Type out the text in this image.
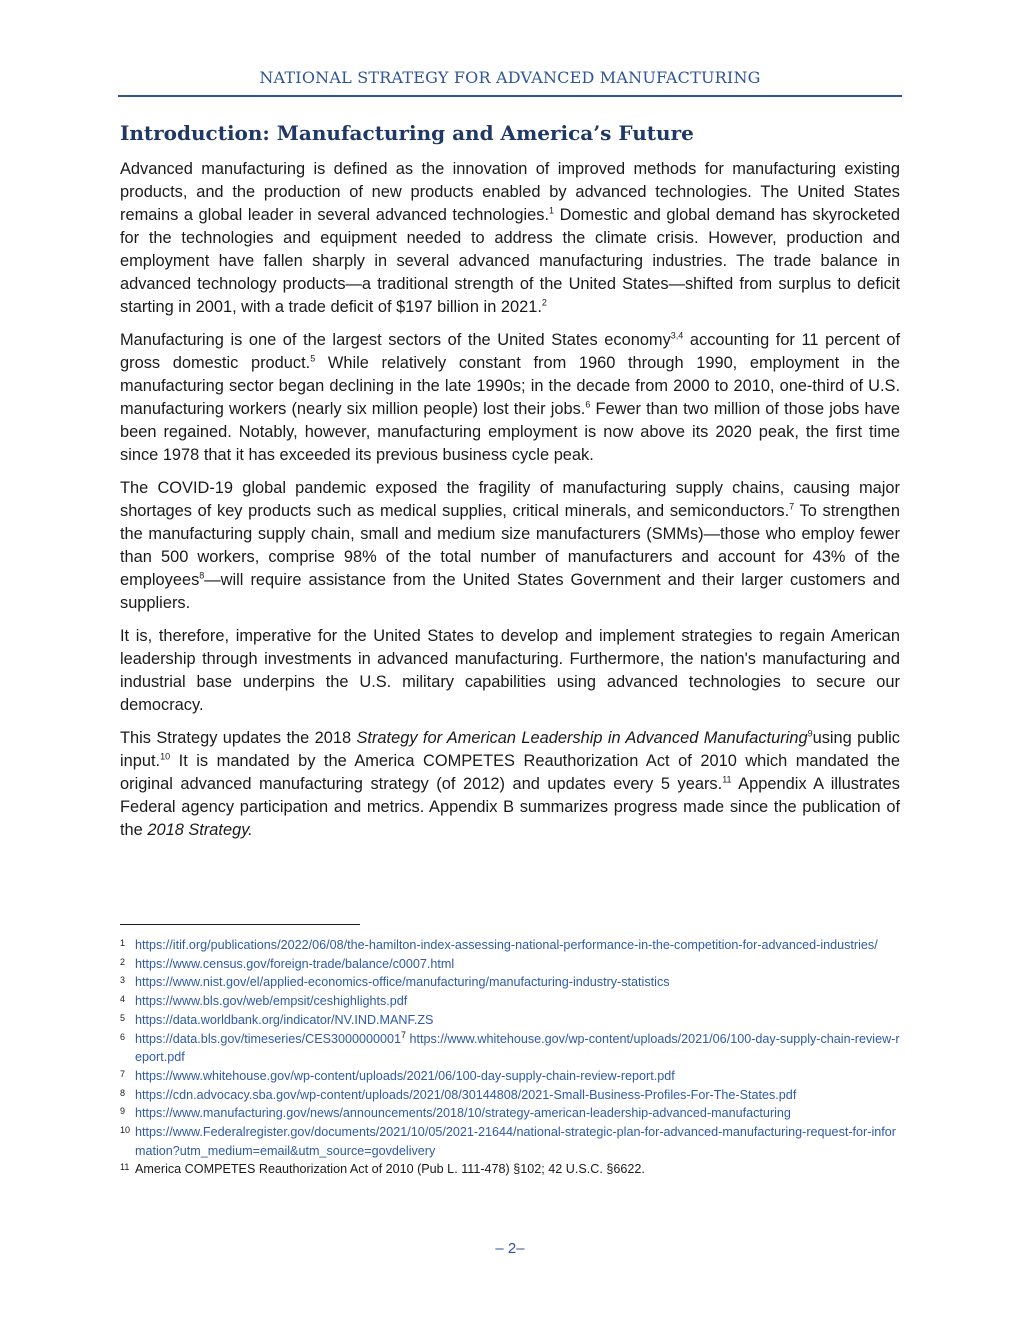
NATIONAL STRATEGY FOR ADVANCED MANUFACTURING
Introduction: Manufacturing and America’s Future

Advanced manufacturing is defined as the innovation of improved methods for manufacturing existing products, and the production of new products enabled by advanced technologies. The United States remains a global leader in several advanced technologies.$^1$ Domestic and global demand has skyrocketed for the technologies and equipment needed to address the climate crisis. However, production and employment have fallen sharply in several advanced manufacturing industries. The trade balance in advanced technology products—a traditional strength of the United States—shifted from surplus to deficit starting in 2001, with a trade deficit of $197 billion in 2021.$^2$

Manufacturing is one of the largest sectors of the United States economy$^{3,4}$ accounting for 11 percent of gross domestic product.$^5$ While relatively constant from 1960 through 1990, employment in the manufacturing sector began declining in the late 1990s; in the decade from 2000 to 2010, one-third of U.S. manufacturing workers (nearly six million people) lost their jobs.$^6$ Fewer than two million of those jobs have been regained. Notably, however, manufacturing employment is now above its 2020 peak, the first time since 1978 that it has exceeded its previous business cycle peak.

The COVID-19 global pandemic exposed the fragility of manufacturing supply chains, causing major shortages of key products such as medical supplies, critical minerals, and semiconductors.$^7$ To strengthen the manufacturing supply chain, small and medium size manufacturers (SMMs)—those who employ fewer than 500 workers, comprise 98% of the total number of manufacturers and account for 43% of the employees$^8$—will require assistance from the United States Government and their larger customers and suppliers.

It is, therefore, imperative for the United States to develop and implement strategies to regain American leadership through investments in advanced manufacturing. Furthermore, the nation's manufacturing and industrial base underpins the U.S. military capabilities using advanced technologies to secure our democracy.

This Strategy updates the 2018 Strategy for American Leadership in Advanced Manufacturing$^9$using public input.$^{10}$ It is mandated by the America COMPETES Reauthorization Act of 2010 which mandated the original advanced manufacturing strategy (of 2012) and updates every 5 years.$^{11}$ Appendix A illustrates Federal agency participation and metrics. Appendix B summarizes progress made since the publication of the 2018 Strategy.

1 https://itif.org/publications/2022/06/08/the-hamilton-index-assessing-national-performance-in-the-competition-for-advanced-industries/
2 https://www.census.gov/foreign-trade/balance/c0007.html
3 https://www.nist.gov/el/applied-economics-office/manufacturing/manufacturing-industry-statistics
4 https://www.bls.gov/web/empsit/ceshighlights.pdf
5 https://data.worldbank.org/indicator/NV.IND.MANF.ZS
6 https://data.bls.gov/timeseries/CES3000000001$^7$ https://www.whitehouse.gov/wp-content/uploads/2021/06/100-day-supply-chain-review-report.pdf
7 https://www.whitehouse.gov/wp-content/uploads/2021/06/100-day-supply-chain-review-report.pdf
8 https://cdn.advocacy.sba.gov/wp-content/uploads/2021/08/30144808/2021-Small-Business-Profiles-For-The-States.pdf
9 https://www.manufacturing.gov/news/announcements/2018/10/strategy-american-leadership-advanced-manufacturing
10 https://www.Federalregister.gov/documents/2021/10/05/2021-21644/national-strategic-plan-for-advanced-manufacturing-request-for-information?utm_medium=email&utm_source=govdelivery
11 America COMPETES Reauthorization Act of 2010 (Pub L. 111-478) §102; 42 U.S.C. §6622.
– 2–
